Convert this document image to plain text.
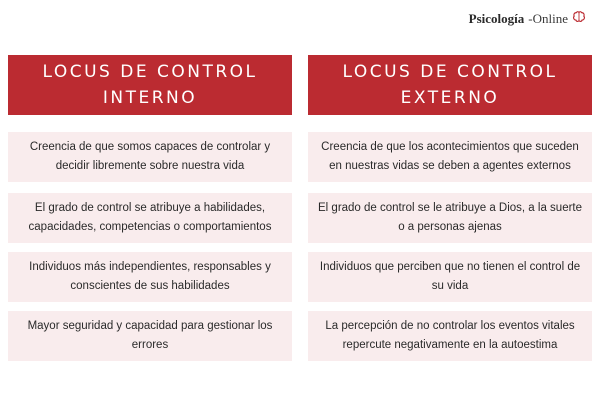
Psicología -Online
LOCUS DE CONTROL
INTERNO
LOCUS DE CONTROL
EXTERNO
Creencia de que somos capaces de controlar y decidir libremente sobre nuestra vida
El grado de control se atribuye a habilidades, capacidades, competencias o comportamientos
Individuos más independientes, responsables y conscientes de sus habilidades
Mayor seguridad y capacidad para gestionar los errores
Creencia de que los acontecimientos que suceden en nuestras vidas se deben a agentes externos
El grado de control se le atribuye a Dios, a la suerte o a personas ajenas
Individuos que perciben que no tienen el control de su vida
La percepción de no controlar los eventos vitales repercute negativamente en la autoestima
